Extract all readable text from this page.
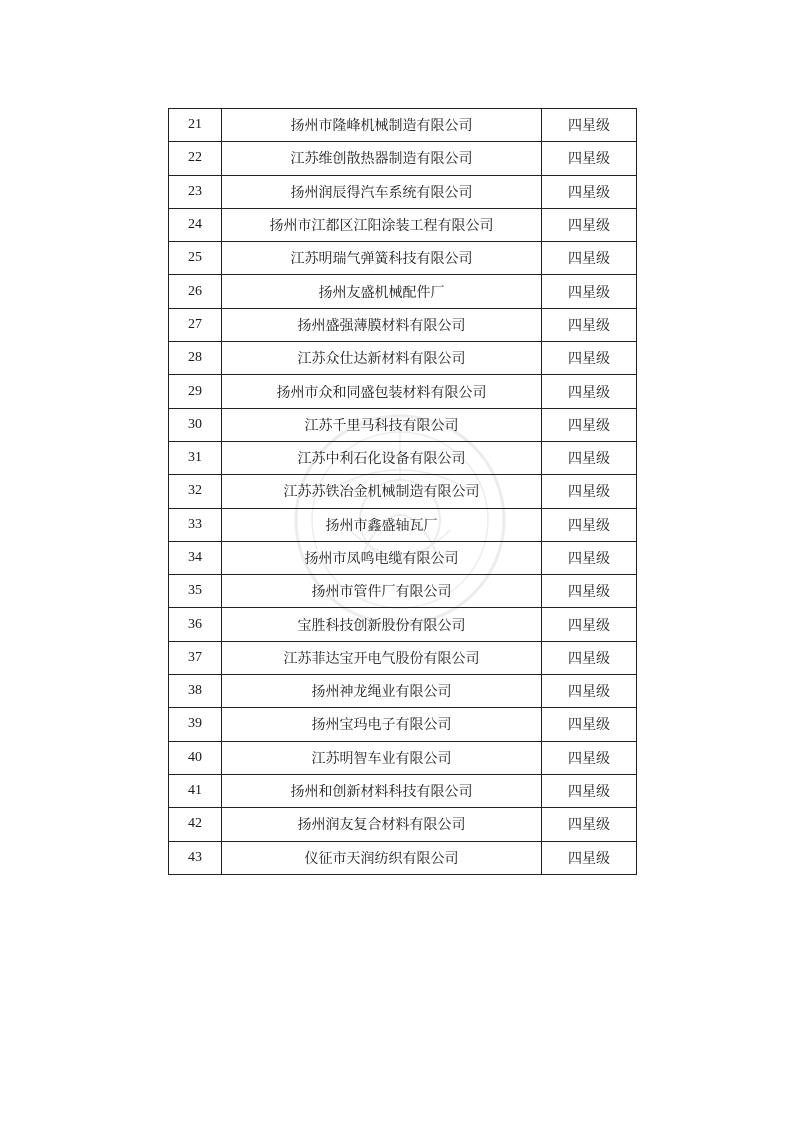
21	扬州市隆峰机械制造有限公司	四星级
22	江苏维创散热器制造有限公司	四星级
23	扬州润辰得汽车系统有限公司	四星级
24	扬州市江都区江阳涂装工程有限公司	四星级
25	江苏明瑞气弹簧科技有限公司	四星级
26	扬州友盛机械配件厂	四星级
27	扬州盛强薄膜材料有限公司	四星级
28	江苏众仕达新材料有限公司	四星级
29	扬州市众和同盛包装材料有限公司	四星级
30	江苏千里马科技有限公司	四星级
31	江苏中利石化设备有限公司	四星级
32	江苏苏铁冶金机械制造有限公司	四星级
33	扬州市鑫盛轴瓦厂	四星级
34	扬州市凤鸣电缆有限公司	四星级
35	扬州市管件厂有限公司	四星级
36	宝胜科技创新股份有限公司	四星级
37	江苏菲达宝开电气股份有限公司	四星级
38	扬州神龙绳业有限公司	四星级
39	扬州宝玛电子有限公司	四星级
40	江苏明智车业有限公司	四星级
41	扬州和创新材料科技有限公司	四星级
42	扬州润友复合材料有限公司	四星级
43	仪征市天润纺织有限公司	四星级
